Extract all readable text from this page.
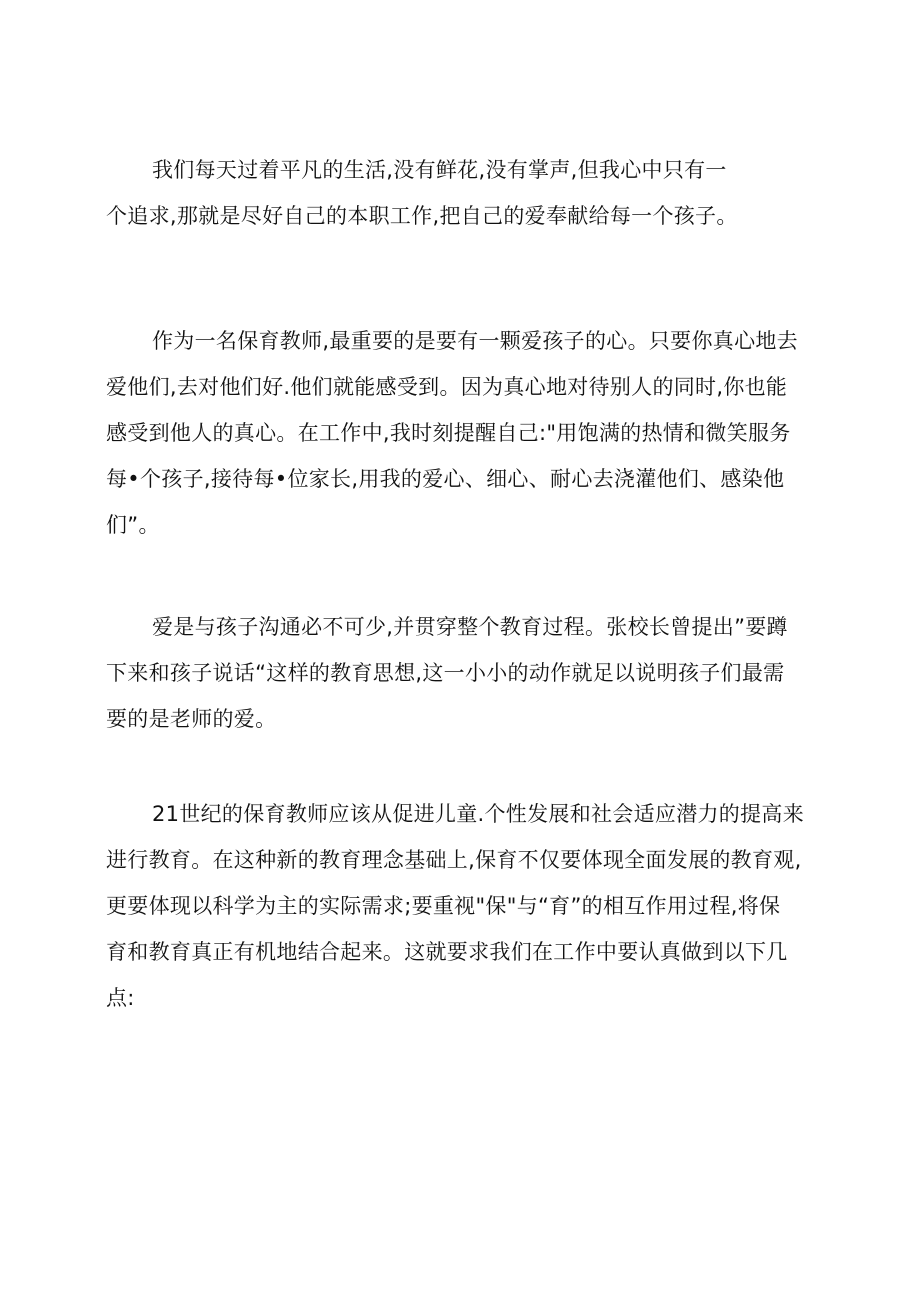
我们每天过着平凡的生活,没有鲜花,没有掌声,但我心中只有一
个追求,那就是尽好自己的本职工作,把自己的爱奉献给每一个孩子。
作为一名保育教师,最重要的是要有一颗爱孩子的心。只要你真心地去
爱他们,去对他们好.他们就能感受到。因为真心地对待别人的同时,你也能
感受到他人的真心。在工作中,我时刻提醒自己:"用饱满的热情和微笑服务
每•个孩子,接待每•位家长,用我的爱心、细心、耐心去浇灌他们、感染他
们”。
爱是与孩子沟通必不可少,并贯穿整个教育过程。张校长曾提出”要蹲
下来和孩子说话“这样的教育思想,这一小小的动作就足以说明孩子们最需
要的是老师的爱。
21世纪的保育教师应该从促进儿童.个性发展和社会适应潜力的提高来
进行教育。在这种新的教育理念基础上,保育不仅要体现全面发展的教育观,
更要体现以科学为主的实际需求;要重视"保"与“育”的相互作用过程,将保
育和教育真正有机地结合起来。这就要求我们在工作中要认真做到以下几
点:
